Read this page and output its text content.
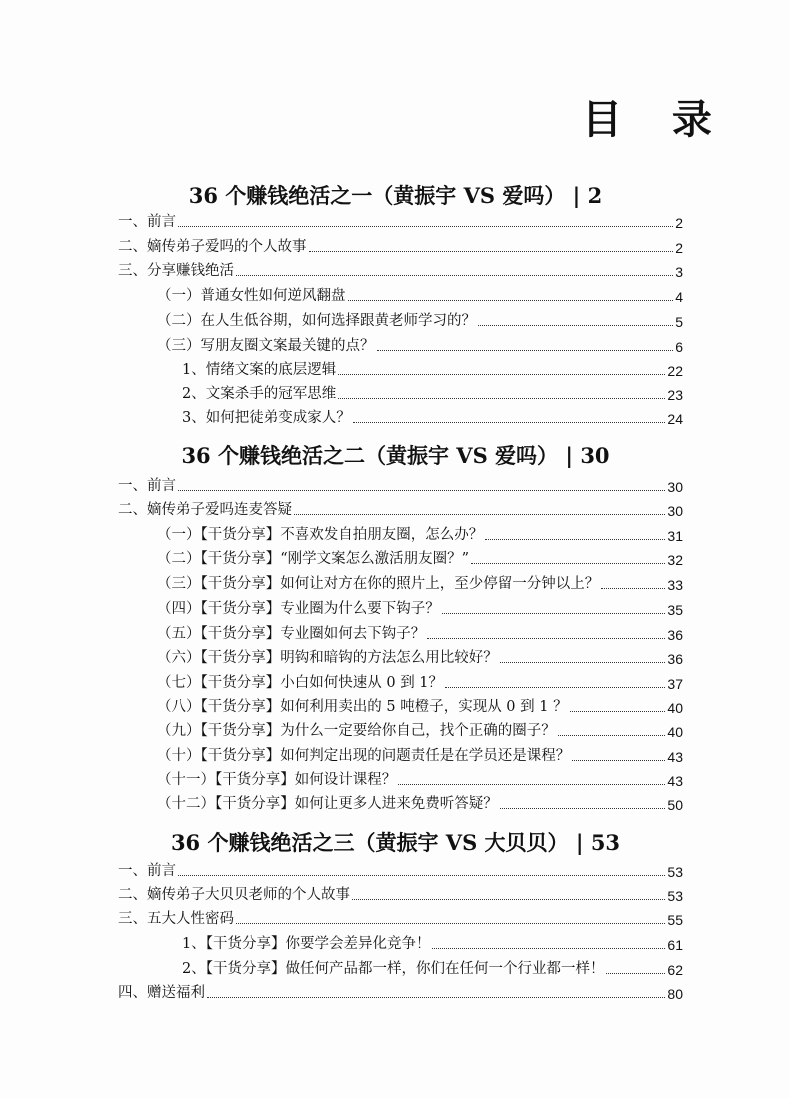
目 录
36 个赚钱绝活之一（黄振宇 VS 爱吗） | 2
一、前言	2
二、嫡传弟子爱吗的个人故事	2
三、分享赚钱绝活	3
（一）普通女性如何逆风翻盘	4
（二）在人生低谷期，如何选择跟黄老师学习的？	5
（三）写朋友圈文案最关键的点？	6
1、情绪文案的底层逻辑	22
2、文案杀手的冠军思维	23
3、如何把徒弟变成家人？	24
36 个赚钱绝活之二（黄振宇 VS 爱吗） | 30
一、前言	30
二、嫡传弟子爱吗连麦答疑	30
（一）【干货分享】不喜欢发自拍朋友圈，怎么办？	31
（二）【干货分享】“刚学文案怎么激活朋友圈？”	32
（三）【干货分享】如何让对方在你的照片上，至少停留一分钟以上？	33
（四）【干货分享】专业圈为什么要下钩子？	35
（五）【干货分享】专业圈如何去下钩子？	36
（六）【干货分享】明钩和暗钩的方法怎么用比较好？	36
（七）【干货分享】小白如何快速从 0 到 1？	37
（八）【干货分享】如何利用卖出的 5 吨橙子，实现从 0 到 1 ？	40
（九）【干货分享】为什么一定要给你自己，找个正确的圈子？	40
（十）【干货分享】如何判定出现的问题责任是在学员还是课程？	43
（十一）【干货分享】如何设计课程？	43
（十二）【干货分享】如何让更多人进来免费听答疑？	50
36 个赚钱绝活之三（黄振宇 VS 大贝贝） | 53
一、前言	53
二、嫡传弟子大贝贝老师的个人故事	53
三、五大人性密码	55
1、【干货分享】你要学会差异化竞争！	61
2、【干货分享】做任何产品都一样，你们在任何一个行业都一样！	62
四、赠送福利	80
